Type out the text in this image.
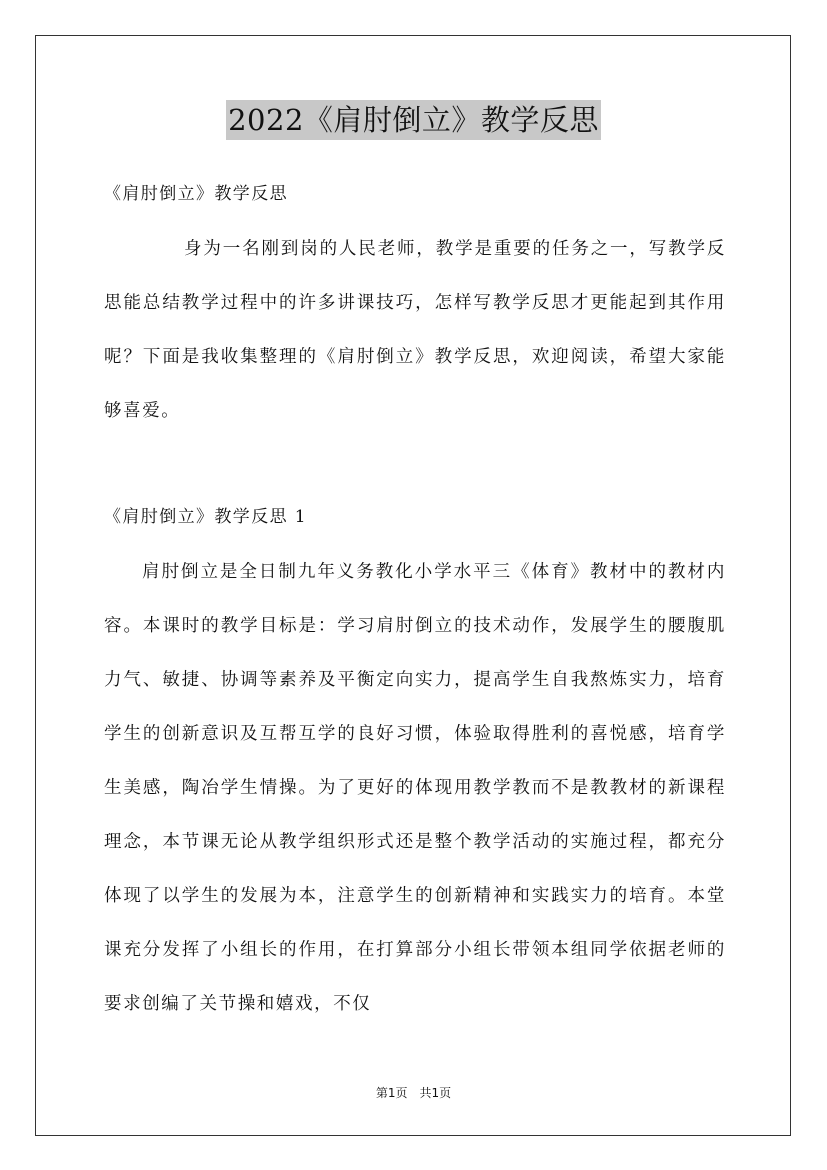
2022《肩肘倒立》教学反思

《肩肘倒立》教学反思

身为一名刚到岗的人民老师，教学是重要的任务之一，写教学反思能总结教学过程中的许多讲课技巧，怎样写教学反思才更能起到其作用呢？下面是我收集整理的《肩肘倒立》教学反思，欢迎阅读，希望大家能够喜爱。

《肩肘倒立》教学反思 1

肩肘倒立是全日制九年义务教化小学水平三《体育》教材中的教材内容。本课时的教学目标是：学习肩肘倒立的技术动作，发展学生的腰腹肌力气、敏捷、协调等素养及平衡定向实力，提高学生自我熬炼实力，培育学生的创新意识及互帮互学的良好习惯，体验取得胜利的喜悦感，培育学生美感，陶冶学生情操。为了更好的体现用教学教而不是教教材的新课程理念，本节课无论从教学组织形式还是整个教学活动的实施过程，都充分体现了以学生的发展为本，注意学生的创新精神和实践实力的培育。本堂课充分发挥了小组长的作用，在打算部分小组长带领本组同学依据老师的要求创编了关节操和嬉戏，不仅

第1页　共1页
